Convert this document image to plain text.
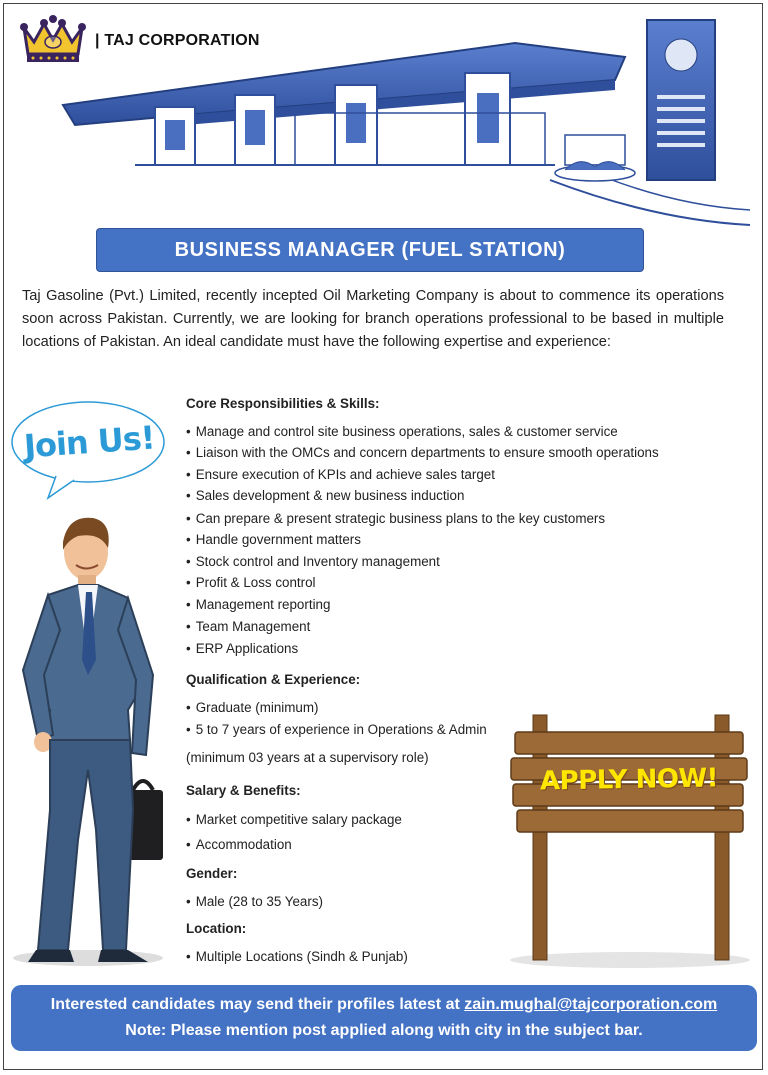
| TAJ CORPORATION
BUSINESS MANAGER (FUEL STATION)
Taj Gasoline (Pvt.) Limited, recently incepted Oil Marketing Company is about to commence its operations soon across Pakistan. Currently, we are looking for branch operations professional to be based in multiple locations of Pakistan. An ideal candidate must have the following expertise and experience:
Join Us!
APPLY NOW!
Core Responsibilities & Skills:
• Manage and control site business operations, sales & customer service
• Liaison with the OMCs and concern departments to ensure smooth operations
• Ensure execution of KPIs and achieve sales target
• Sales development & new business induction
• Can prepare & present strategic business plans to the key customers
• Handle government matters
• Stock control and Inventory management
• Profit & Loss control
• Management reporting
• Team Management
• ERP Applications
Qualification & Experience:
• Graduate (minimum)
• 5 to 7 years of experience in Operations & Admin
(minimum 03 years at a supervisory role)
Salary & Benefits:
• Market competitive salary package
• Accommodation
Gender:
• Male (28 to 35 Years)
Location:
• Multiple Locations (Sindh & Punjab)
Interested candidates may send their profiles latest at zain.mughal@tajcorporation.com
Note: Please mention post applied along with city in the subject bar.
